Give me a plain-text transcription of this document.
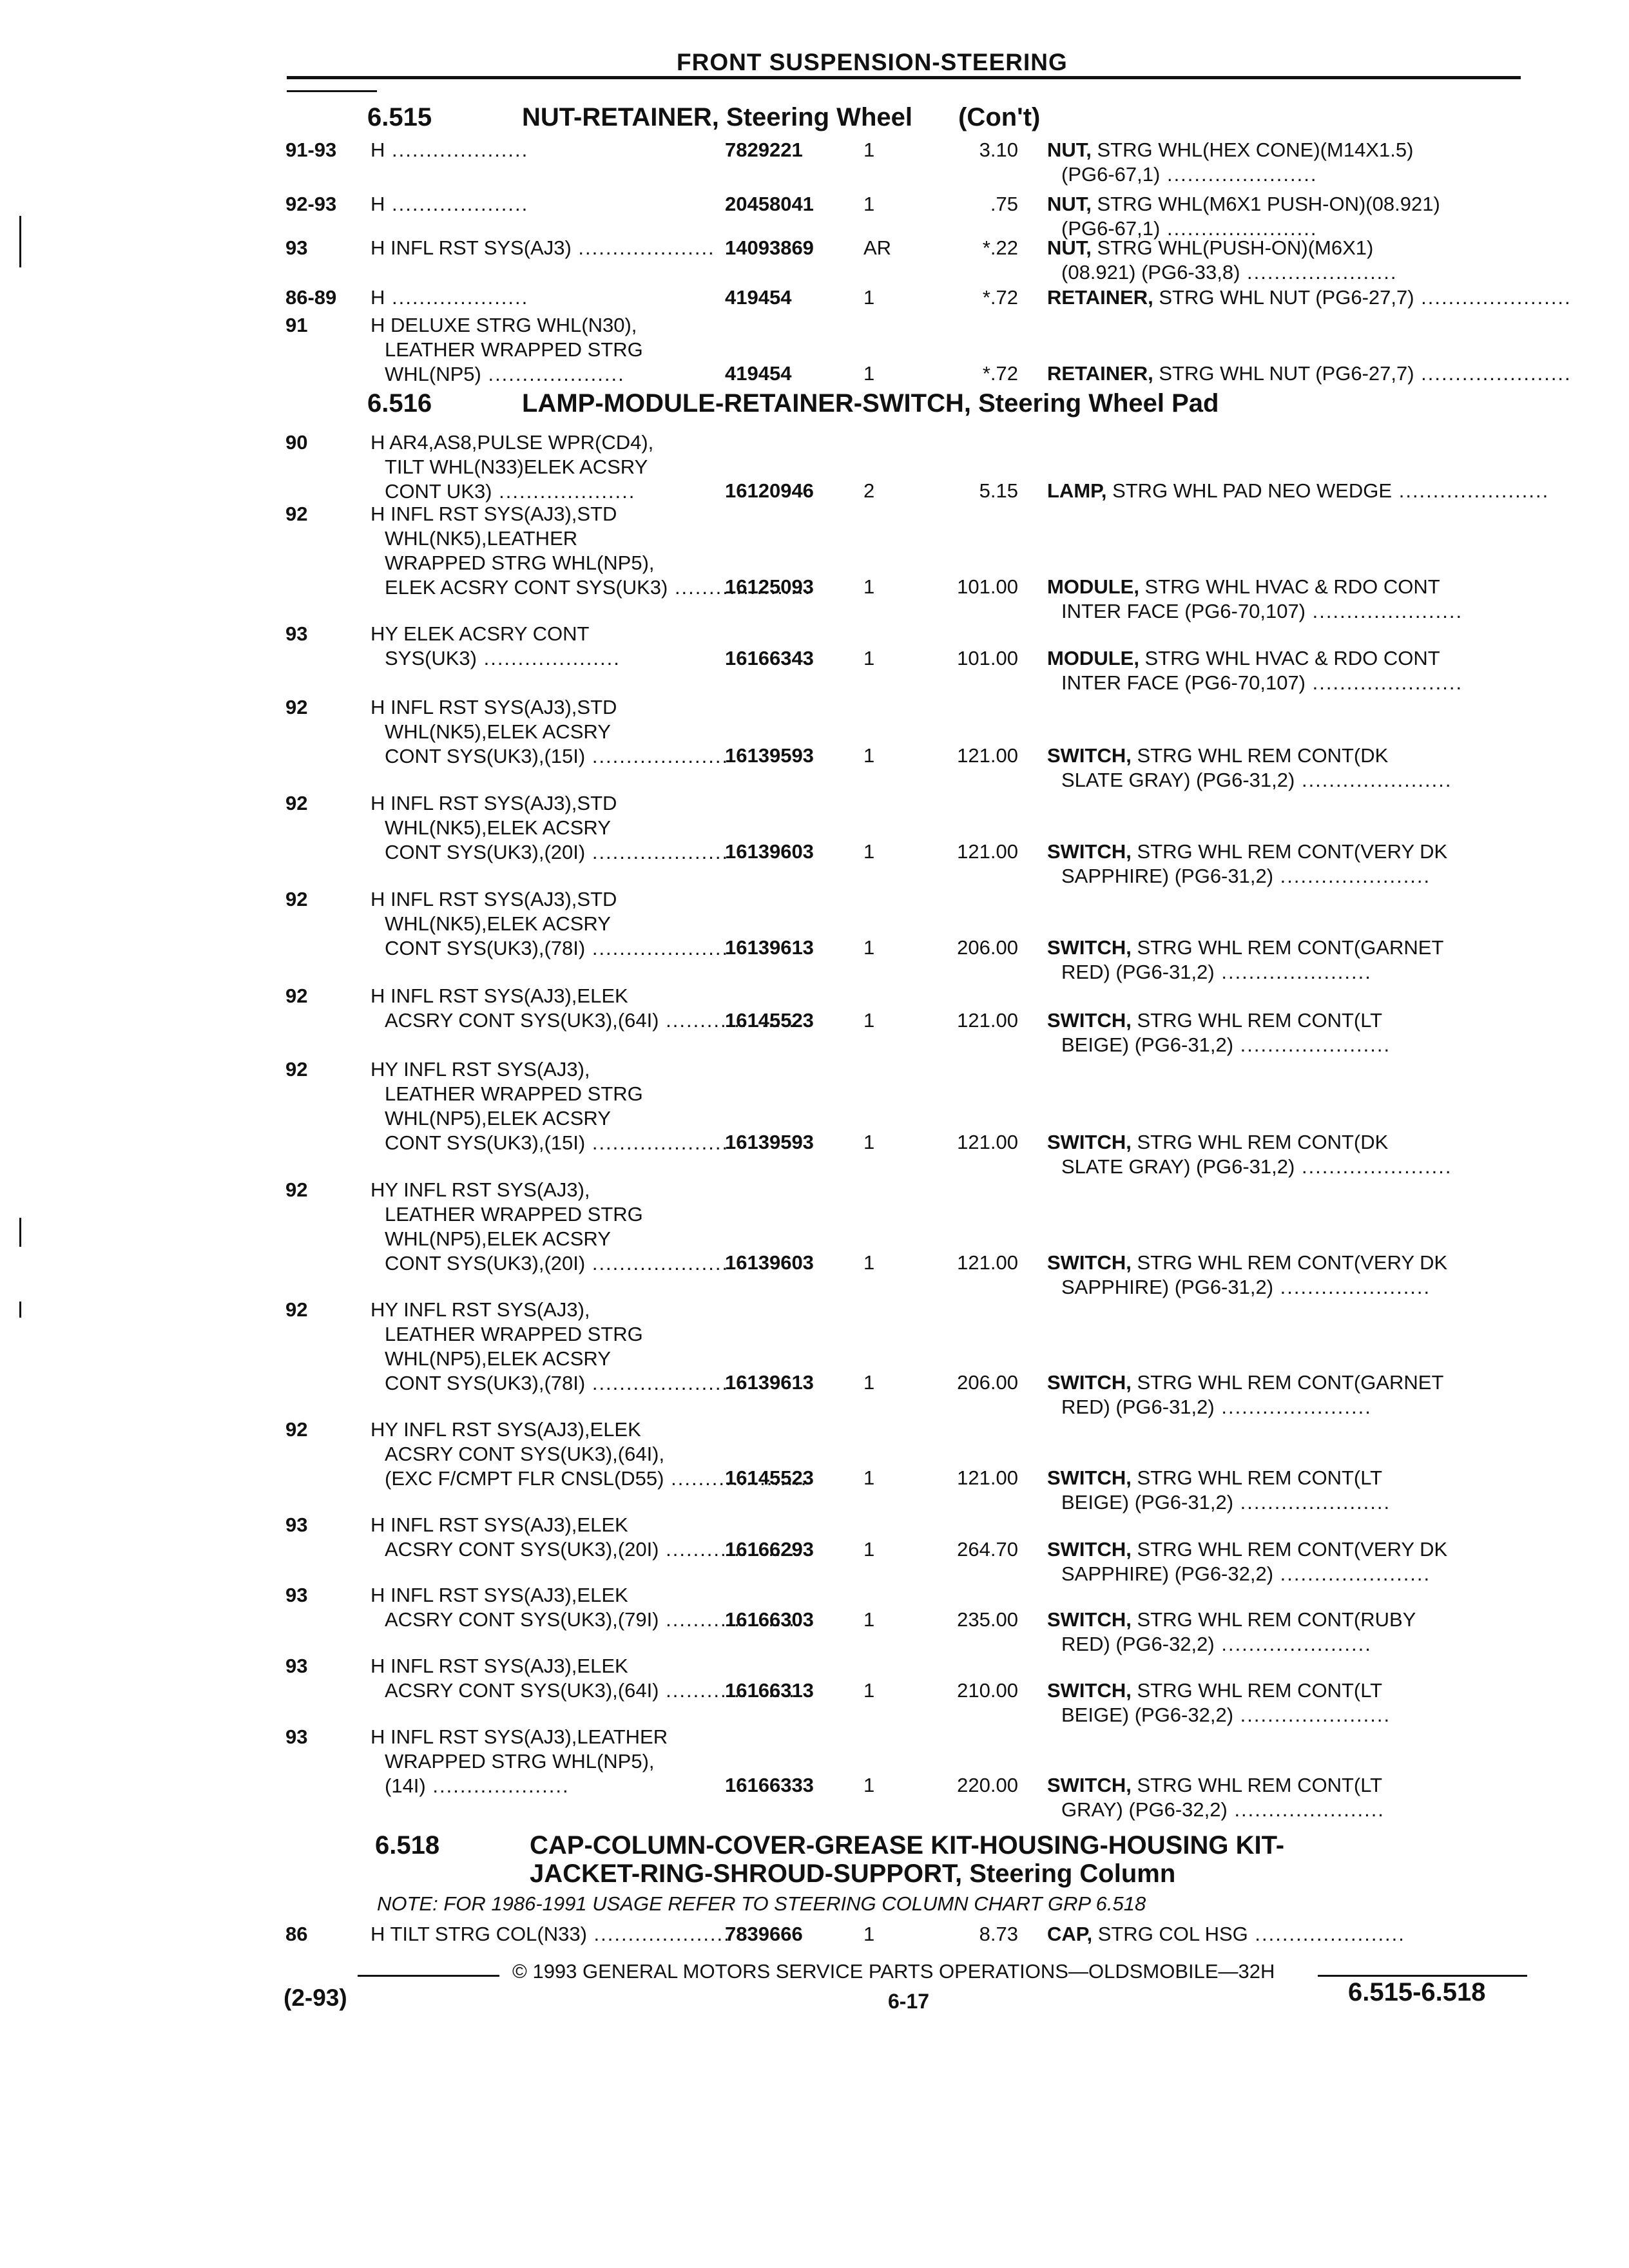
FRONT SUSPENSION-STEERING
6.515	NUT-RETAINER, Steering Wheel (Con't)
91-93 H .....	7829221	1	3.10 NUT, STRG WHL(HEX CONE)(M14X1.5)
(PG6-67,1) .....
92-93 H .....	20458041	1	.75 NUT, STRG WHL(M6X1 PUSH-ON)(08.921)
(PG6-67,1) .....
93	H INFL RST SYS(AJ3) .....	14093869	AR	*.22 NUT, STRG WHL(PUSH-ON)(M6X1)
(08.921) (PG6-33,8) .....
86-89 H .....	419454	1	*.72 RETAINER, STRG WHL NUT (PG6-27,7) .....
91	H DELUXE STRG WHL(N30),
LEATHER WRAPPED STRG
WHL(NP5) .....	419454	1	*.72 RETAINER, STRG WHL NUT (PG6-27,7) .....
6.516	LAMP-MODULE-RETAINER-SWITCH, Steering Wheel Pad
90	H AR4,AS8,PULSE WPR(CD4),
TILT WHL(N33)ELEK ACSRY
CONT UK3) .....	16120946	2	5.15 LAMP, STRG WHL PAD NEO WEDGE .....
92	H INFL RST SYS(AJ3),STD
WHL(NK5),LEATHER
WRAPPED STRG WHL(NP5),
ELEK ACSRY CONT SYS(UK3) .....	16125093	1	101.00 MODULE, STRG WHL HVAC & RDO CONT
INTER FACE (PG6-70,107) .....
93	HY ELEK ACSRY CONT
SYS(UK3) .....	16166343	1	101.00 MODULE, STRG WHL HVAC & RDO CONT
INTER FACE (PG6-70,107) .....
92	H INFL RST SYS(AJ3),STD
WHL(NK5),ELEK ACSRY
CONT SYS(UK3),(15I) .....	16139593	1	121.00 SWITCH, STRG WHL REM CONT(DK
SLATE GRAY) (PG6-31,2) .....
92	H INFL RST SYS(AJ3),STD
WHL(NK5),ELEK ACSRY
CONT SYS(UK3),(20I) .....	16139603	1	121.00 SWITCH, STRG WHL REM CONT(VERY DK
SAPPHIRE) (PG6-31,2) .....
92	H INFL RST SYS(AJ3),STD
WHL(NK5),ELEK ACSRY
CONT SYS(UK3),(78I) .....	16139613	1	206.00 SWITCH, STRG WHL REM CONT(GARNET
RED) (PG6-31,2) .....
92	H INFL RST SYS(AJ3),ELEK
ACSRY CONT SYS(UK3),(64I) .....	16145523	1	121.00 SWITCH, STRG WHL REM CONT(LT
BEIGE) (PG6-31,2) .....
92	HY INFL RST SYS(AJ3),
LEATHER WRAPPED STRG
WHL(NP5),ELEK ACSRY
CONT SYS(UK3),(15I) .....	16139593	1	121.00 SWITCH, STRG WHL REM CONT(DK
SLATE GRAY) (PG6-31,2) .....
92	HY INFL RST SYS(AJ3),
LEATHER WRAPPED STRG
WHL(NP5),ELEK ACSRY
CONT SYS(UK3),(20I) .....	16139603	1	121.00 SWITCH, STRG WHL REM CONT(VERY DK
SAPPHIRE) (PG6-31,2) .....
92	HY INFL RST SYS(AJ3),
LEATHER WRAPPED STRG
WHL(NP5),ELEK ACSRY
CONT SYS(UK3),(78I) .....	16139613	1	206.00 SWITCH, STRG WHL REM CONT(GARNET
RED) (PG6-31,2) .....
92	HY INFL RST SYS(AJ3),ELEK
ACSRY CONT SYS(UK3),(64I),
(EXC F/CMPT FLR CNSL(D55) .....	16145523	1	121.00 SWITCH, STRG WHL REM CONT(LT
BEIGE) (PG6-31,2) .....
93	H INFL RST SYS(AJ3),ELEK
ACSRY CONT SYS(UK3),(20I) .....	16166293	1	264.70 SWITCH, STRG WHL REM CONT(VERY DK
SAPPHIRE) (PG6-32,2) .....
93	H INFL RST SYS(AJ3),ELEK
ACSRY CONT SYS(UK3),(79I) .....	16166303	1	235.00 SWITCH, STRG WHL REM CONT(RUBY
RED) (PG6-32,2) .....
93	H INFL RST SYS(AJ3),ELEK
ACSRY CONT SYS(UK3),(64I) .....	16166313	1	210.00 SWITCH, STRG WHL REM CONT(LT
BEIGE) (PG6-32,2) .....
93	H INFL RST SYS(AJ3),LEATHER
WRAPPED STRG WHL(NP5),
(14I) .....	16166333	1	220.00 SWITCH, STRG WHL REM CONT(LT
GRAY) (PG6-32,2) .....
6.518	CAP-COLUMN-COVER-GREASE KIT-HOUSING-HOUSING KIT-
JACKET-RING-SHROUD-SUPPORT, Steering Column
NOTE: FOR 1986-1991 USAGE REFER TO STEERING COLUMN CHART GRP 6.518
86	H TILT STRG COL(N33) .....	7839666	1	8.73 CAP, STRG COL HSG .....
© 1993 GENERAL MOTORS SERVICE PARTS OPERATIONS—OLDSMOBILE—32H
(2-93)	6-17	6.515-6.518
